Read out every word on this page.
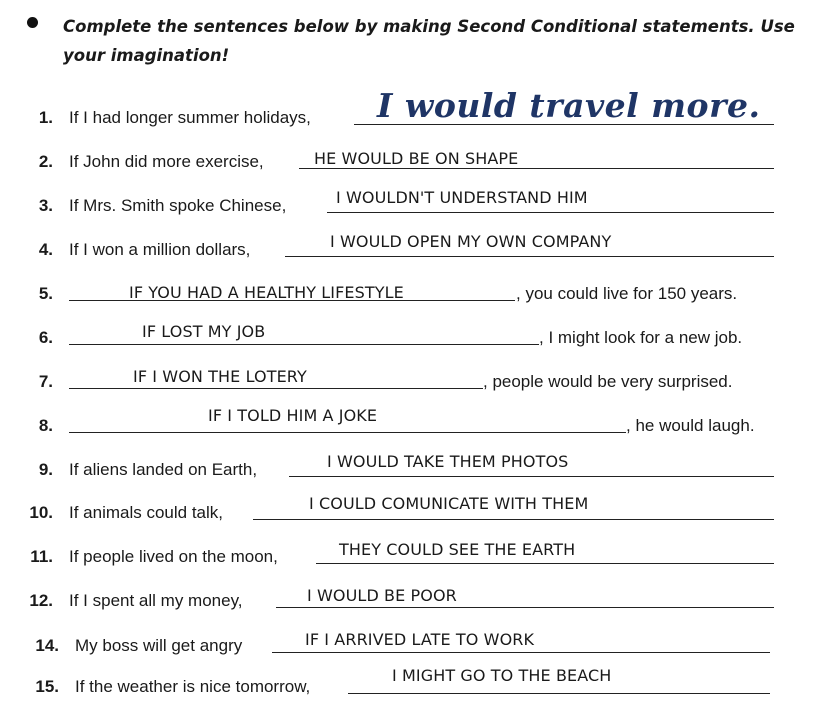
Complete the sentences below by making Second Conditional statements. Use your imagination!
1. If I had longer summer holidays, I would travel more.
2. If John did more exercise,	HE WOULD BE ON SHAPE
3. If Mrs. Smith spoke Chinese,	I WOULDN'T UNDERSTAND HIM
4. If I won a million dollars,	I WOULD OPEN MY OWN COMPANY
5.	IF YOU HAD A HEALTHY LIFESTYLE	, you could live for 150 years.
6.	IF LOST MY JOB	, I might look for a new job.
7.	IF I WON THE LOTERY	, people would be very surprised.
8.
IF I TOLD HIM A JOKE
, he would laugh.
9. If aliens landed on Earth,	I WOULD TAKE THEM PHOTOS
10. If animals could talk,	I COULD COMUNICATE WITH THEM
11. If people lived on the moon,	THEY COULD SEE THE EARTH
12. If I spent all my money,	I WOULD BE POOR
14. My boss will get angry	IF I ARRIVED LATE TO WORK
15. If the weather is nice tomorrow,
I MIGHT GO TO THE BEACH
